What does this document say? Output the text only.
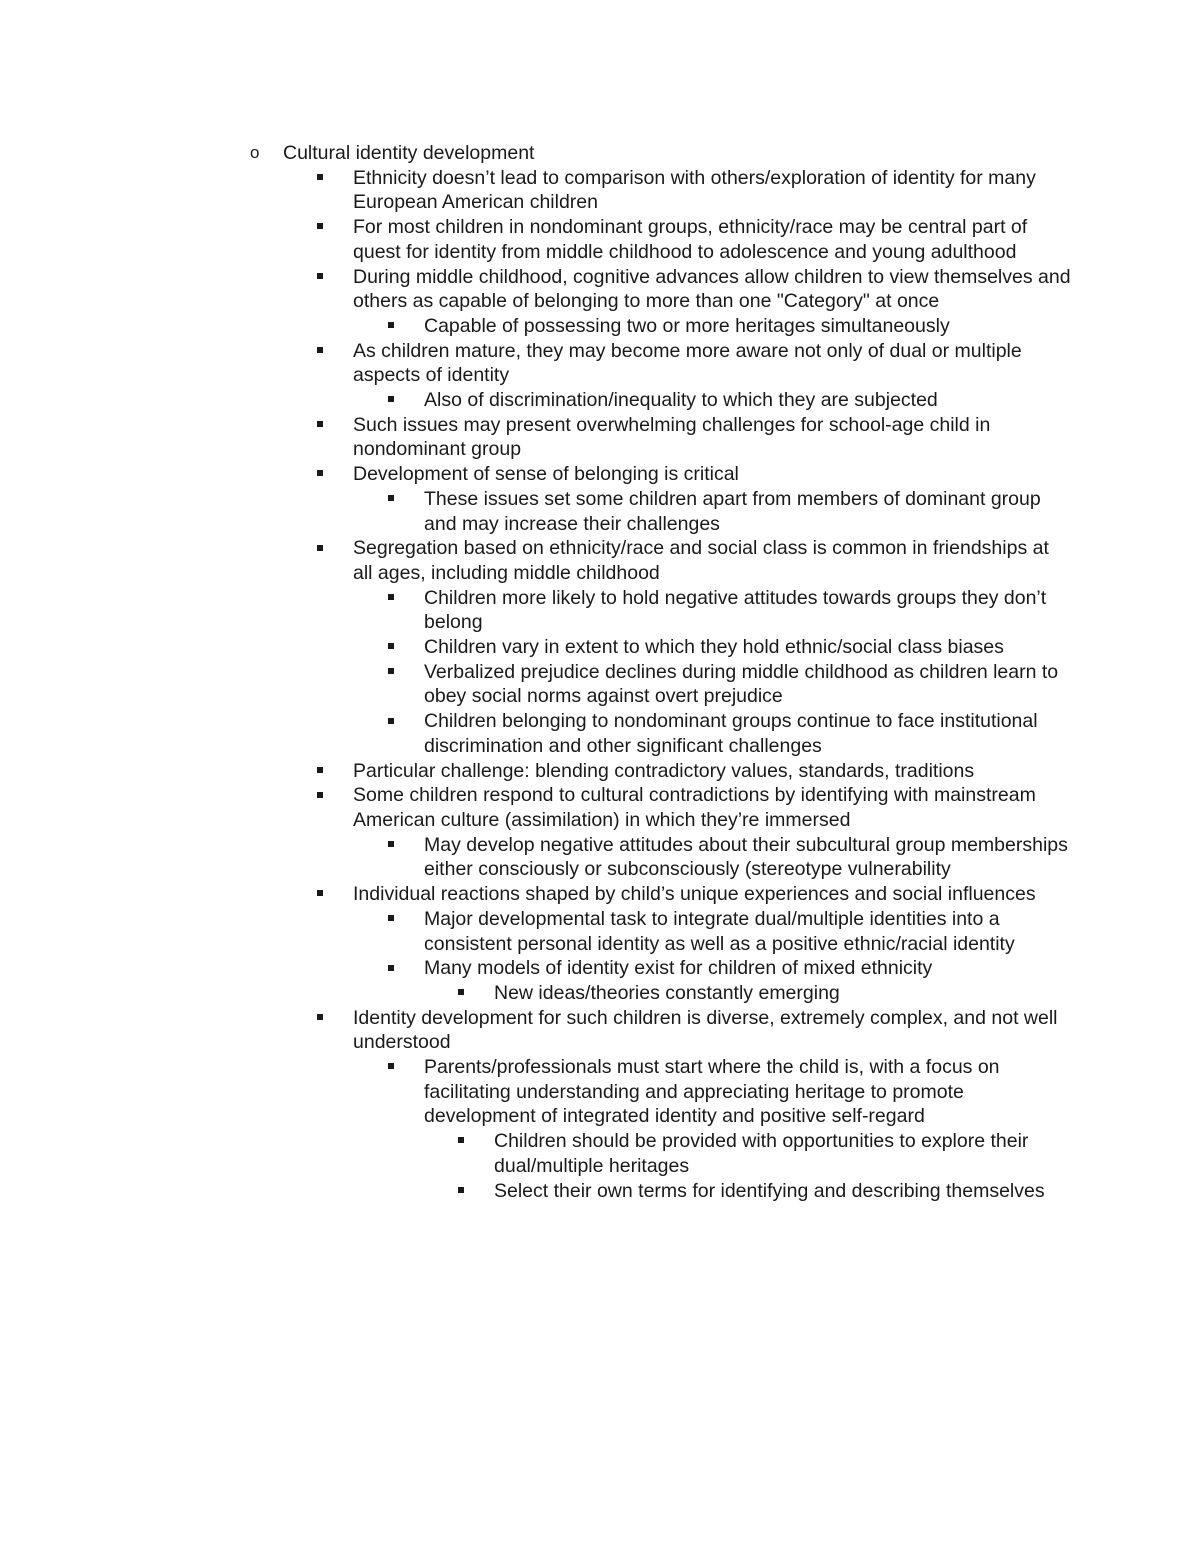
o Cultural identity development
Ethnicity doesn’t lead to comparison with others/exploration of identity for many European American children
For most children in nondominant groups, ethnicity/race may be central part of quest for identity from middle childhood to adolescence and young adulthood
During middle childhood, cognitive advances allow children to view themselves and others as capable of belonging to more than one "Category" at once
Capable of possessing two or more heritages simultaneously
As children mature, they may become more aware not only of dual or multiple aspects of identity
Also of discrimination/inequality to which they are subjected
Such issues may present overwhelming challenges for school-age child in nondominant group
Development of sense of belonging is critical
These issues set some children apart from members of dominant group and may increase their challenges
Segregation based on ethnicity/race and social class is common in friendships at all ages, including middle childhood
Children more likely to hold negative attitudes towards groups they don’t belong
Children vary in extent to which they hold ethnic/social class biases
Verbalized prejudice declines during middle childhood as children learn to obey social norms against overt prejudice
Children belonging to nondominant groups continue to face institutional discrimination and other significant challenges
Particular challenge: blending contradictory values, standards, traditions
Some children respond to cultural contradictions by identifying with mainstream American culture (assimilation) in which they’re immersed
May develop negative attitudes about their subcultural group memberships either consciously or subconsciously (stereotype vulnerability
Individual reactions shaped by child’s unique experiences and social influences
Major developmental task to integrate dual/multiple identities into a consistent personal identity as well as a positive ethnic/racial identity
Many models of identity exist for children of mixed ethnicity
New ideas/theories constantly emerging
Identity development for such children is diverse, extremely complex, and not well understood
Parents/professionals must start where the child is, with a focus on facilitating understanding and appreciating heritage to promote development of integrated identity and positive self-regard
Children should be provided with opportunities to explore their dual/multiple heritages
Select their own terms for identifying and describing themselves
